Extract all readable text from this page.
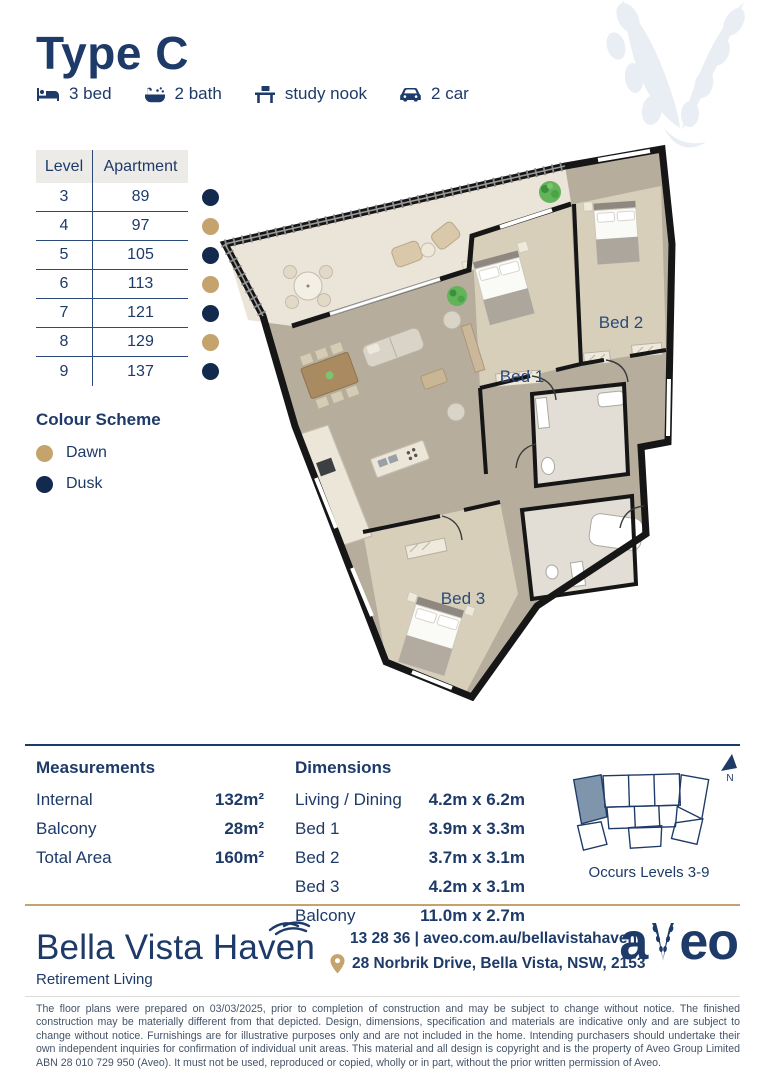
Type C
3 bed	2 bath	study nook	2 car
Level	Apartment
3	89
4	97
5	105
6	113
7	121
8	129
9	137
Colour Scheme
Dawn
Dusk
Bed 1
Bed 2
Bed 3
N
Measurements
Internal	132m²
Balcony	28m²
Total Area	160m²
Dimensions
Living / Dining 4.2m x 6.2m
Bed 1	3.9m x 3.3m
Bed 2	3.7m x 3.1m
Bed 3	4.2m x 3.1m
Balcony	11.0m x 2.7m
Occurs Levels 3-9
Bella Vista Haven
Retirement Living
13 28 36 | aveo.com.au/bellavistahaven
28 Norbrik Drive, Bella Vista, NSW, 2153
a eo
The floor plans were prepared on 03/03/2025, prior to completion of construction and may be subject to change without notice. The finished construction may be materially different from that depicted. Design, dimensions, specification and materials are indicative only and are subject to change without notice. Furnishings are for illustrative purposes only and are not included in the home. Intending purchasers should undertake their own independent inquiries for confirmation of individual unit areas. This material and all design is copyright and is the property of Aveo Group Limited ABN 28 010 729 950 (Aveo). It must not be used, reproduced or copied, wholly or in part, without the prior written permission of Aveo.
